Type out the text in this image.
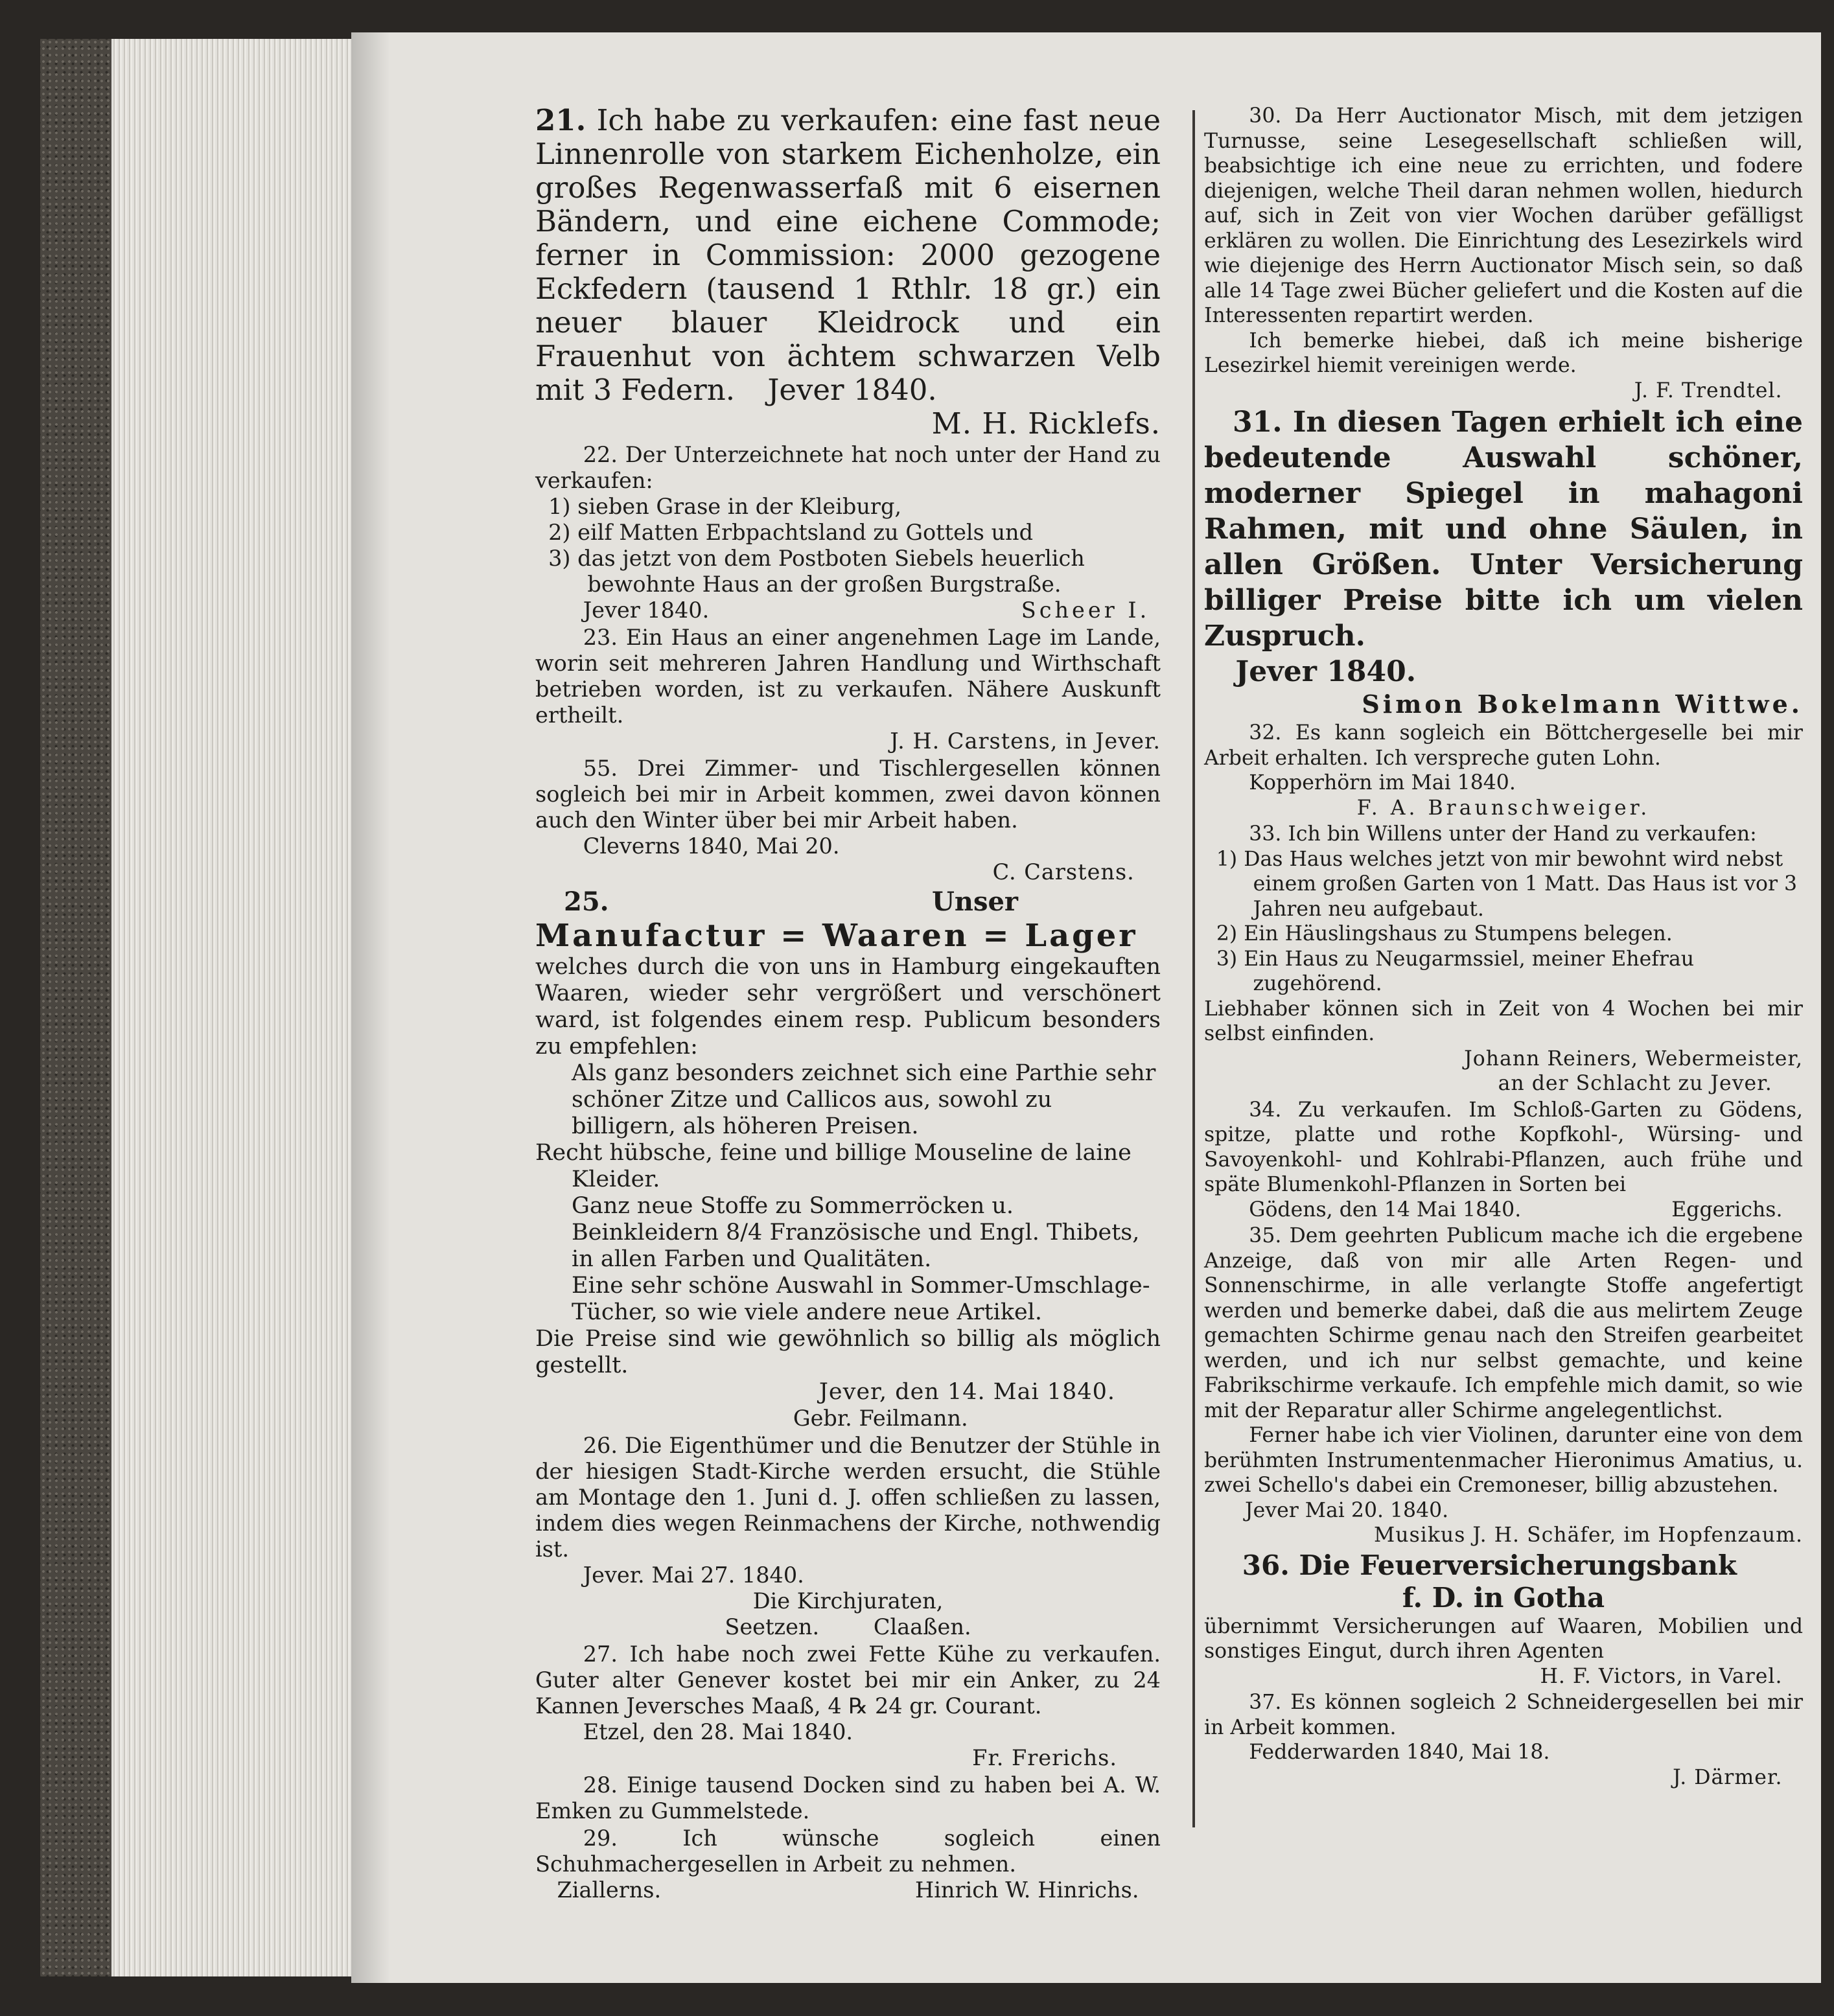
21. Ich habe zu verkaufen: eine fast neue Linnenrolle von starkem Eichenholze, ein großes Regenwasserfaß mit 6 eisernen Bändern, und eine eichene Commode; ferner in Commission: 2000 gezogene Eckfedern (tausend 1 Rthlr. 18 gr.) ein neuer blauer Kleidrock und ein Frauenhut von ächtem schwarzen Velb mit 3 Federn. Jever 1840.

M. H. Ricklefs.

22. Der Unterzeichnete hat noch unter der Hand zu verkaufen:

1) sieben Grase in der Kleiburg,
2) eilf Matten Erbpachtsland zu Gottels und
3) das jetzt von dem Postboten Siebels heuerlich bewohnte Haus an der großen Burgstraße.

Jever 1840.	Scheer I.

23. Ein Haus an einer angenehmen Lage im Lande, worin seit mehreren Jahren Handlung und Wirthschaft betrieben worden, ist zu verkaufen. Nähere Auskunft ertheilt.

J. H. Carstens, in Jever.

55. Drei Zimmer- und Tischlergesellen können sogleich bei mir in Arbeit kommen, zwei davon können auch den Winter über bei mir Arbeit haben.

Cleverns 1840, Mai 20.

C. Carstens.

25.	Unser

Manufactur = Waaren = Lager

welches durch die von uns in Hamburg eingekauften Waaren, wieder sehr vergrößert und verschönert ward, ist folgendes einem resp. Publicum besonders zu empfehlen:

Als ganz besonders zeichnet sich eine Parthie sehr schöner Zitze und Callicos aus, sowohl zu billigern, als höheren Preisen.

Recht hübsche, feine und billige Mouseline de laine Kleider.

Ganz neue Stoffe zu Sommerröcken u. Beinkleidern 8/4 Französische und Engl. Thibets, in allen Farben und Qualitäten.

Eine sehr schöne Auswahl in Sommer-Umschlage-Tücher, so wie viele andere neue Artikel.

Die Preise sind wie gewöhnlich so billig als möglich gestellt.

Jever, den 14. Mai 1840.

Gebr. Feilmann.

26. Die Eigenthümer und die Benutzer der Stühle in der hiesigen Stadt-Kirche werden ersucht, die Stühle am Montage den 1. Juni d. J. offen schließen zu lassen, indem dies wegen Reinmachens der Kirche, nothwendig ist.

Jever. Mai 27. 1840.

Die Kirchjuraten,

Seetzen.	Claaßen.

27. Ich habe noch zwei Fette Kühe zu verkaufen. Guter alter Genever kostet bei mir ein Anker, zu 24 Kannen Jeversches Maaß, 4 ℞ 24 gr. Courant.

Etzel, den 28. Mai 1840.

Fr. Frerichs.

28. Einige tausend Docken sind zu haben bei A. W. Emken zu Gummelstede.

29. Ich wünsche sogleich einen Schuhmachergesellen in Arbeit zu nehmen.

Ziallerns.	Hinrich W. Hinrichs.

30. Da Herr Auctionator Misch, mit dem jetzigen Turnusse, seine Lesegesellschaft schließen will, beabsichtige ich eine neue zu errichten, und fodere diejenigen, welche Theil daran nehmen wollen, hiedurch auf, sich in Zeit von vier Wochen darüber gefälligst erklären zu wollen. Die Einrichtung des Lesezirkels wird wie diejenige des Herrn Auctionator Misch sein, so daß alle 14 Tage zwei Bücher geliefert und die Kosten auf die Interessenten repartirt werden.

Ich bemerke hiebei, daß ich meine bisherige Lesezirkel hiemit vereinigen werde.

J. F. Trendtel.

31. In diesen Tagen erhielt ich eine bedeutende Auswahl schöner, moderner Spiegel in mahagoni Rahmen, mit und ohne Säulen, in allen Größen. Unter Versicherung billiger Preise bitte ich um vielen Zuspruch.

Jever 1840.

Simon Bokelmann Wittwe.

32. Es kann sogleich ein Böttchergeselle bei mir Arbeit erhalten. Ich verspreche guten Lohn.

Kopperhörn im Mai 1840.

F. A. Braunschweiger.

33. Ich bin Willens unter der Hand zu verkaufen:

1) Das Haus welches jetzt von mir bewohnt wird nebst einem großen Garten von 1 Matt. Das Haus ist vor 3 Jahren neu aufgebaut.
2) Ein Häuslingshaus zu Stumpens belegen.
3) Ein Haus zu Neugarmssiel, meiner Ehefrau zugehörend.

Liebhaber können sich in Zeit von 4 Wochen bei mir selbst einfinden.

Johann Reiners, Webermeister,

an der Schlacht zu Jever.

34. Zu verkaufen. Im Schloß-Garten zu Gödens, spitze, platte und rothe Kopfkohl-, Würsing- und Savoyenkohl- und Kohlrabi-Pflanzen, auch frühe und späte Blumenkohl-Pflanzen in Sorten bei

Gödens, den 14 Mai 1840.	Eggerichs.

35. Dem geehrten Publicum mache ich die ergebene Anzeige, daß von mir alle Arten Regen- und Sonnenschirme, in alle verlangte Stoffe angefertigt werden und bemerke dabei, daß die aus melirtem Zeuge gemachten Schirme genau nach den Streifen gearbeitet werden, und ich nur selbst gemachte, und keine Fabrikschirme verkaufe. Ich empfehle mich damit, so wie mit der Reparatur aller Schirme angelegentlichst.

Ferner habe ich vier Violinen, darunter eine von dem berühmten Instrumentenmacher Hieronimus Amatius, u. zwei Schello's dabei ein Cremoneser, billig abzustehen.

Jever Mai 20. 1840.

Musikus J. H. Schäfer, im Hopfenzaum.

36. Die Feuerversicherungsbank

f. D. in Gotha

übernimmt Versicherungen auf Waaren, Mobilien und sonstiges Eingut, durch ihren Agenten

H. F. Victors, in Varel.

37. Es können sogleich 2 Schneidergesellen bei mir in Arbeit kommen.

Fedderwarden 1840, Mai 18.

J. Därmer.
